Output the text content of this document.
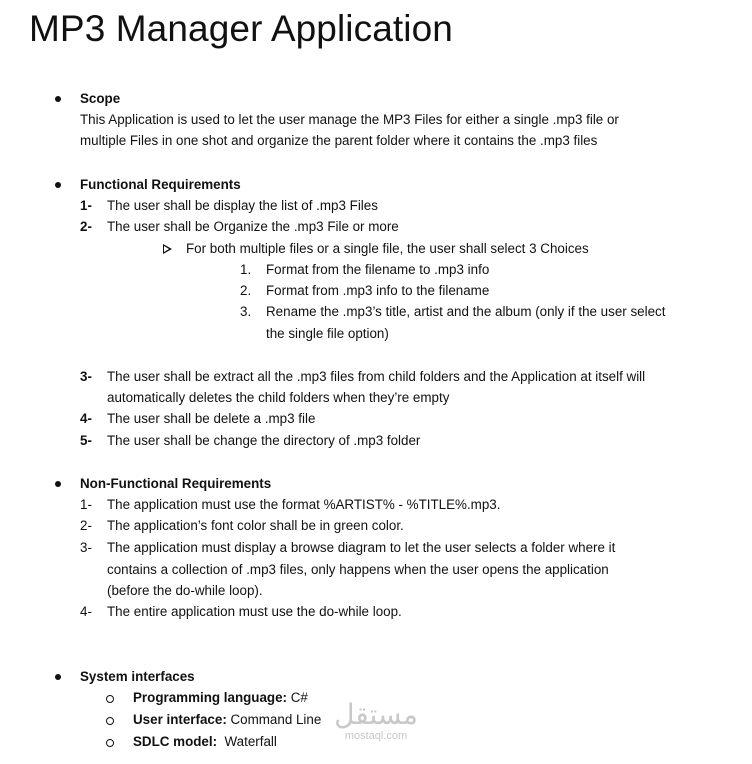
MP3 Manager Application
Scope
This Application is used to let the user manage the MP3 Files for either a single .mp3 file or
multiple Files in one shot and organize the parent folder where it contains the .mp3 files
Functional Requirements
1- The user shall be display the list of .mp3 Files
2- The user shall be Organize the .mp3 File or more
For both multiple files or a single file, the user shall select 3 Choices
1. Format from the filename to .mp3 info
2. Format from .mp3 info to the filename
3. Rename the .mp3’s title, artist and the album (only if the user select
the single file option)
3- The user shall be extract all the .mp3 files from child folders and the Application at itself will
automatically deletes the child folders when they’re empty
4- The user shall be delete a .mp3 file
5- The user shall be change the directory of .mp3 folder
Non-Functional Requirements
1- The application must use the format %ARTIST% - %TITLE%.mp3.
2- The application’s font color shall be in green color.
3- The application must display a browse diagram to let the user selects a folder where it
contains a collection of .mp3 files, only happens when the user opens the application
(before the do-while loop).
4- The entire application must use the do-while loop.
System interfaces
Programming language: C#
User interface: Command Line
SDLC model:  Waterfall
مستقل
mostaql.com
